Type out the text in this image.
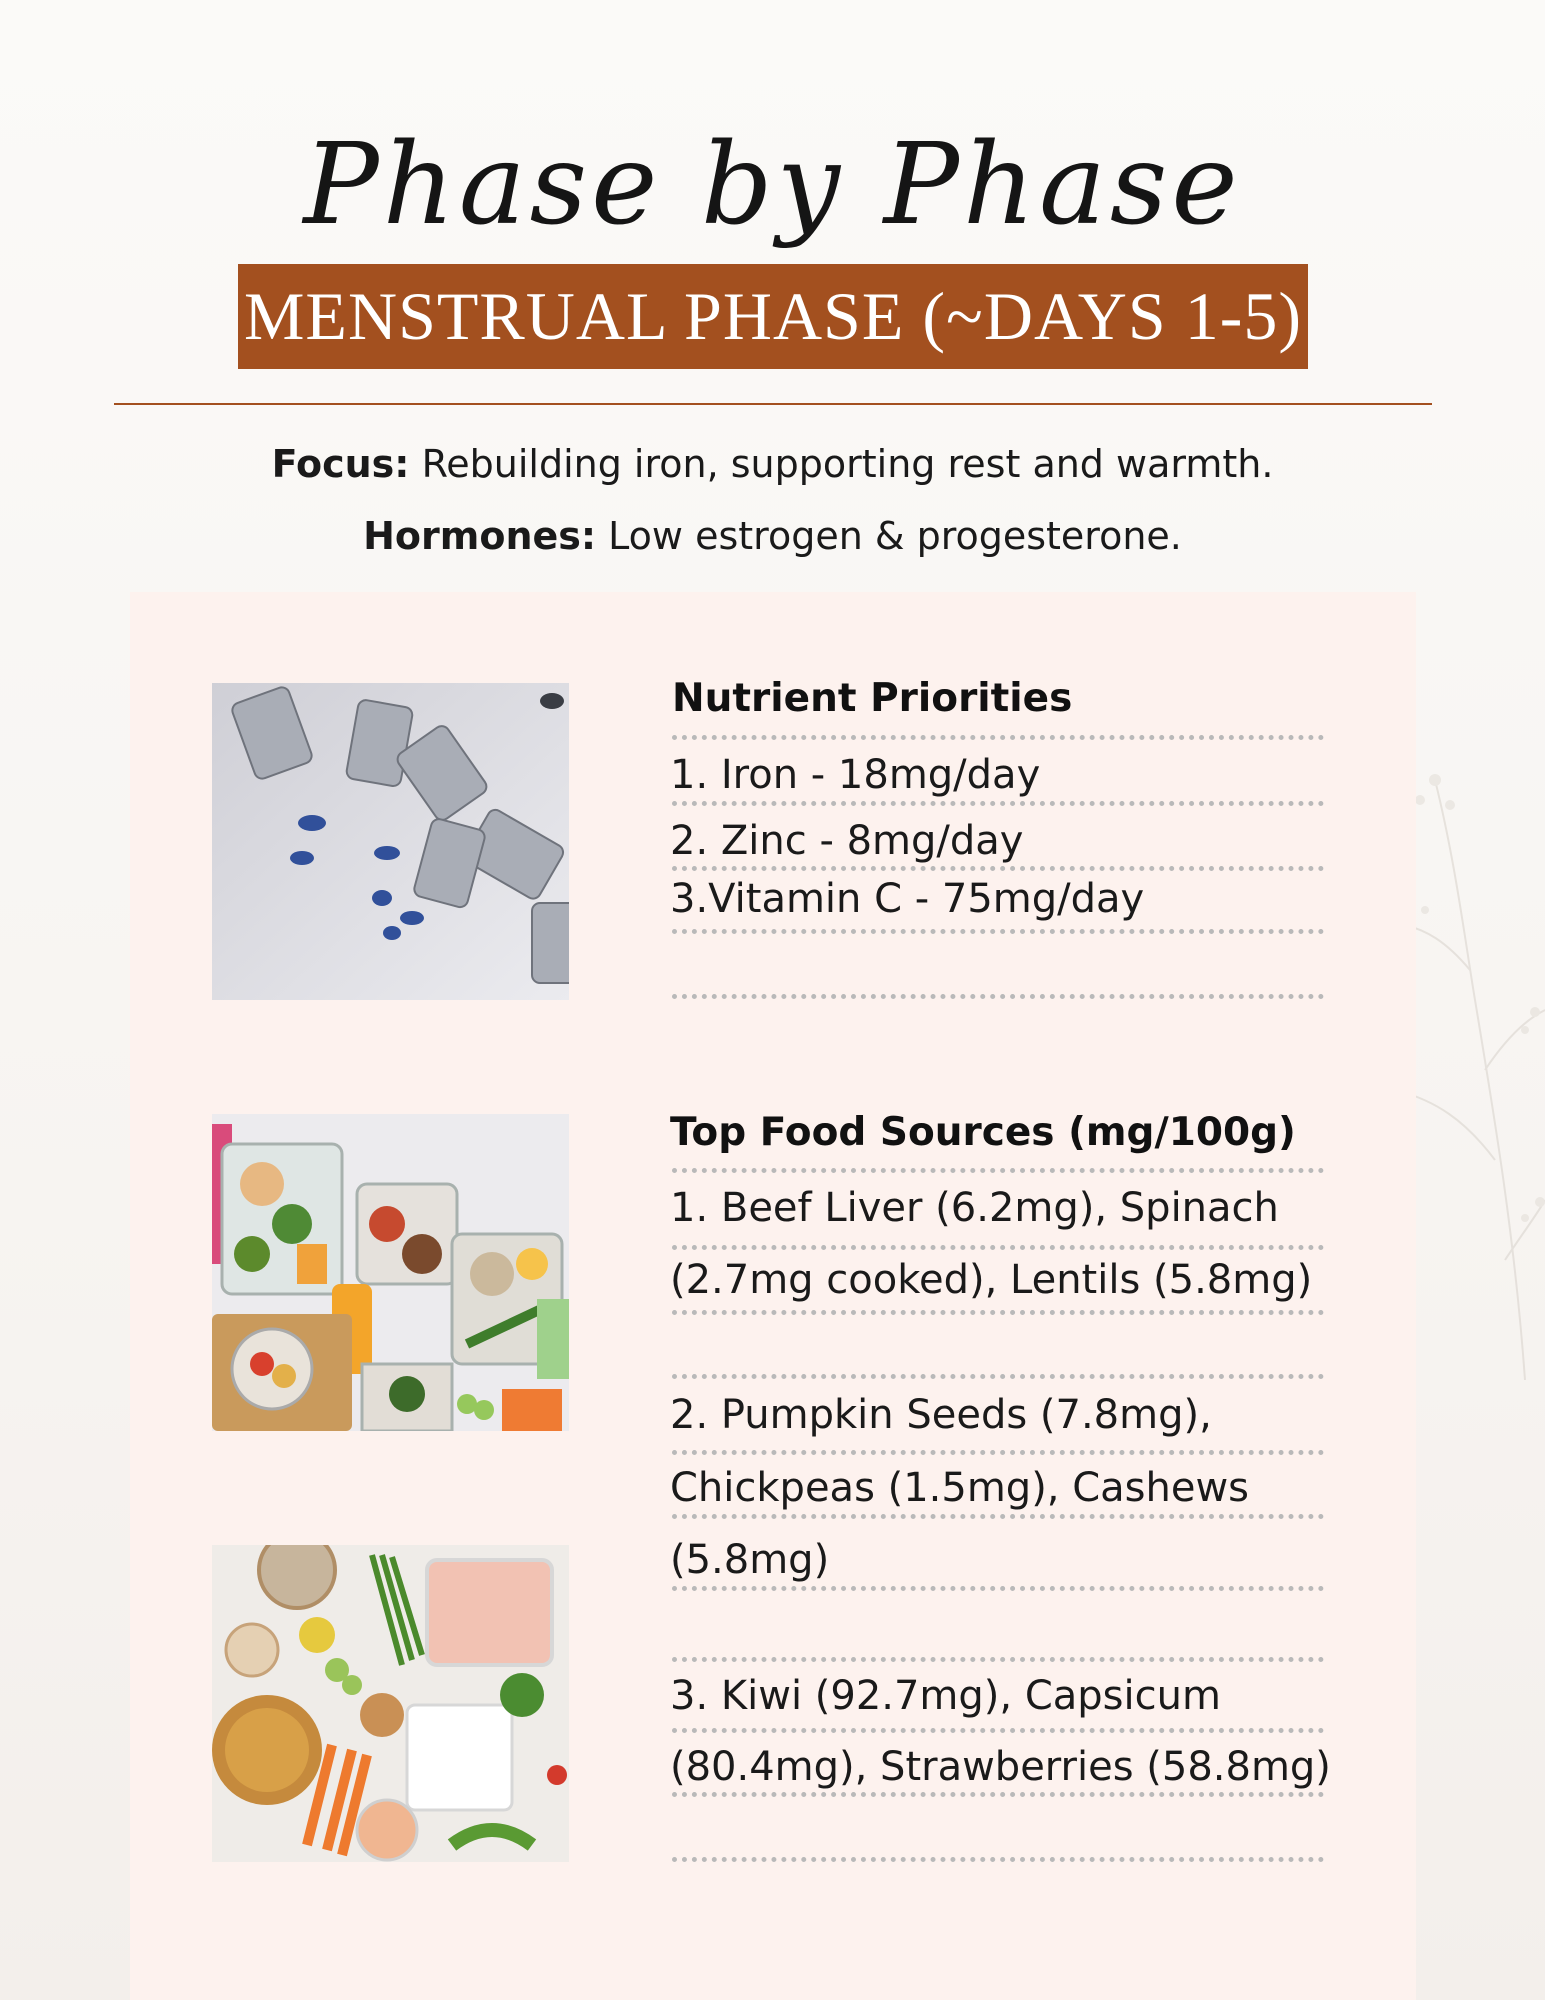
Phase by Phase
MENSTRUAL PHASE (~DAYS 1-5)
Focus: Rebuilding iron, supporting rest and warmth.
Hormones: Low estrogen & progesterone.
Nutrient Priorities
1. Iron - 18mg/day
2. Zinc - 8mg/day
3.Vitamin C - 75mg/day
Top Food Sources (mg/100g)
1. Beef Liver (6.2mg), Spinach
(2.7mg cooked), Lentils (5.8mg)
2. Pumpkin Seeds (7.8mg),
Chickpeas (1.5mg), Cashews
(5.8mg)
3. Kiwi (92.7mg), Capsicum
(80.4mg), Strawberries (58.8mg)
